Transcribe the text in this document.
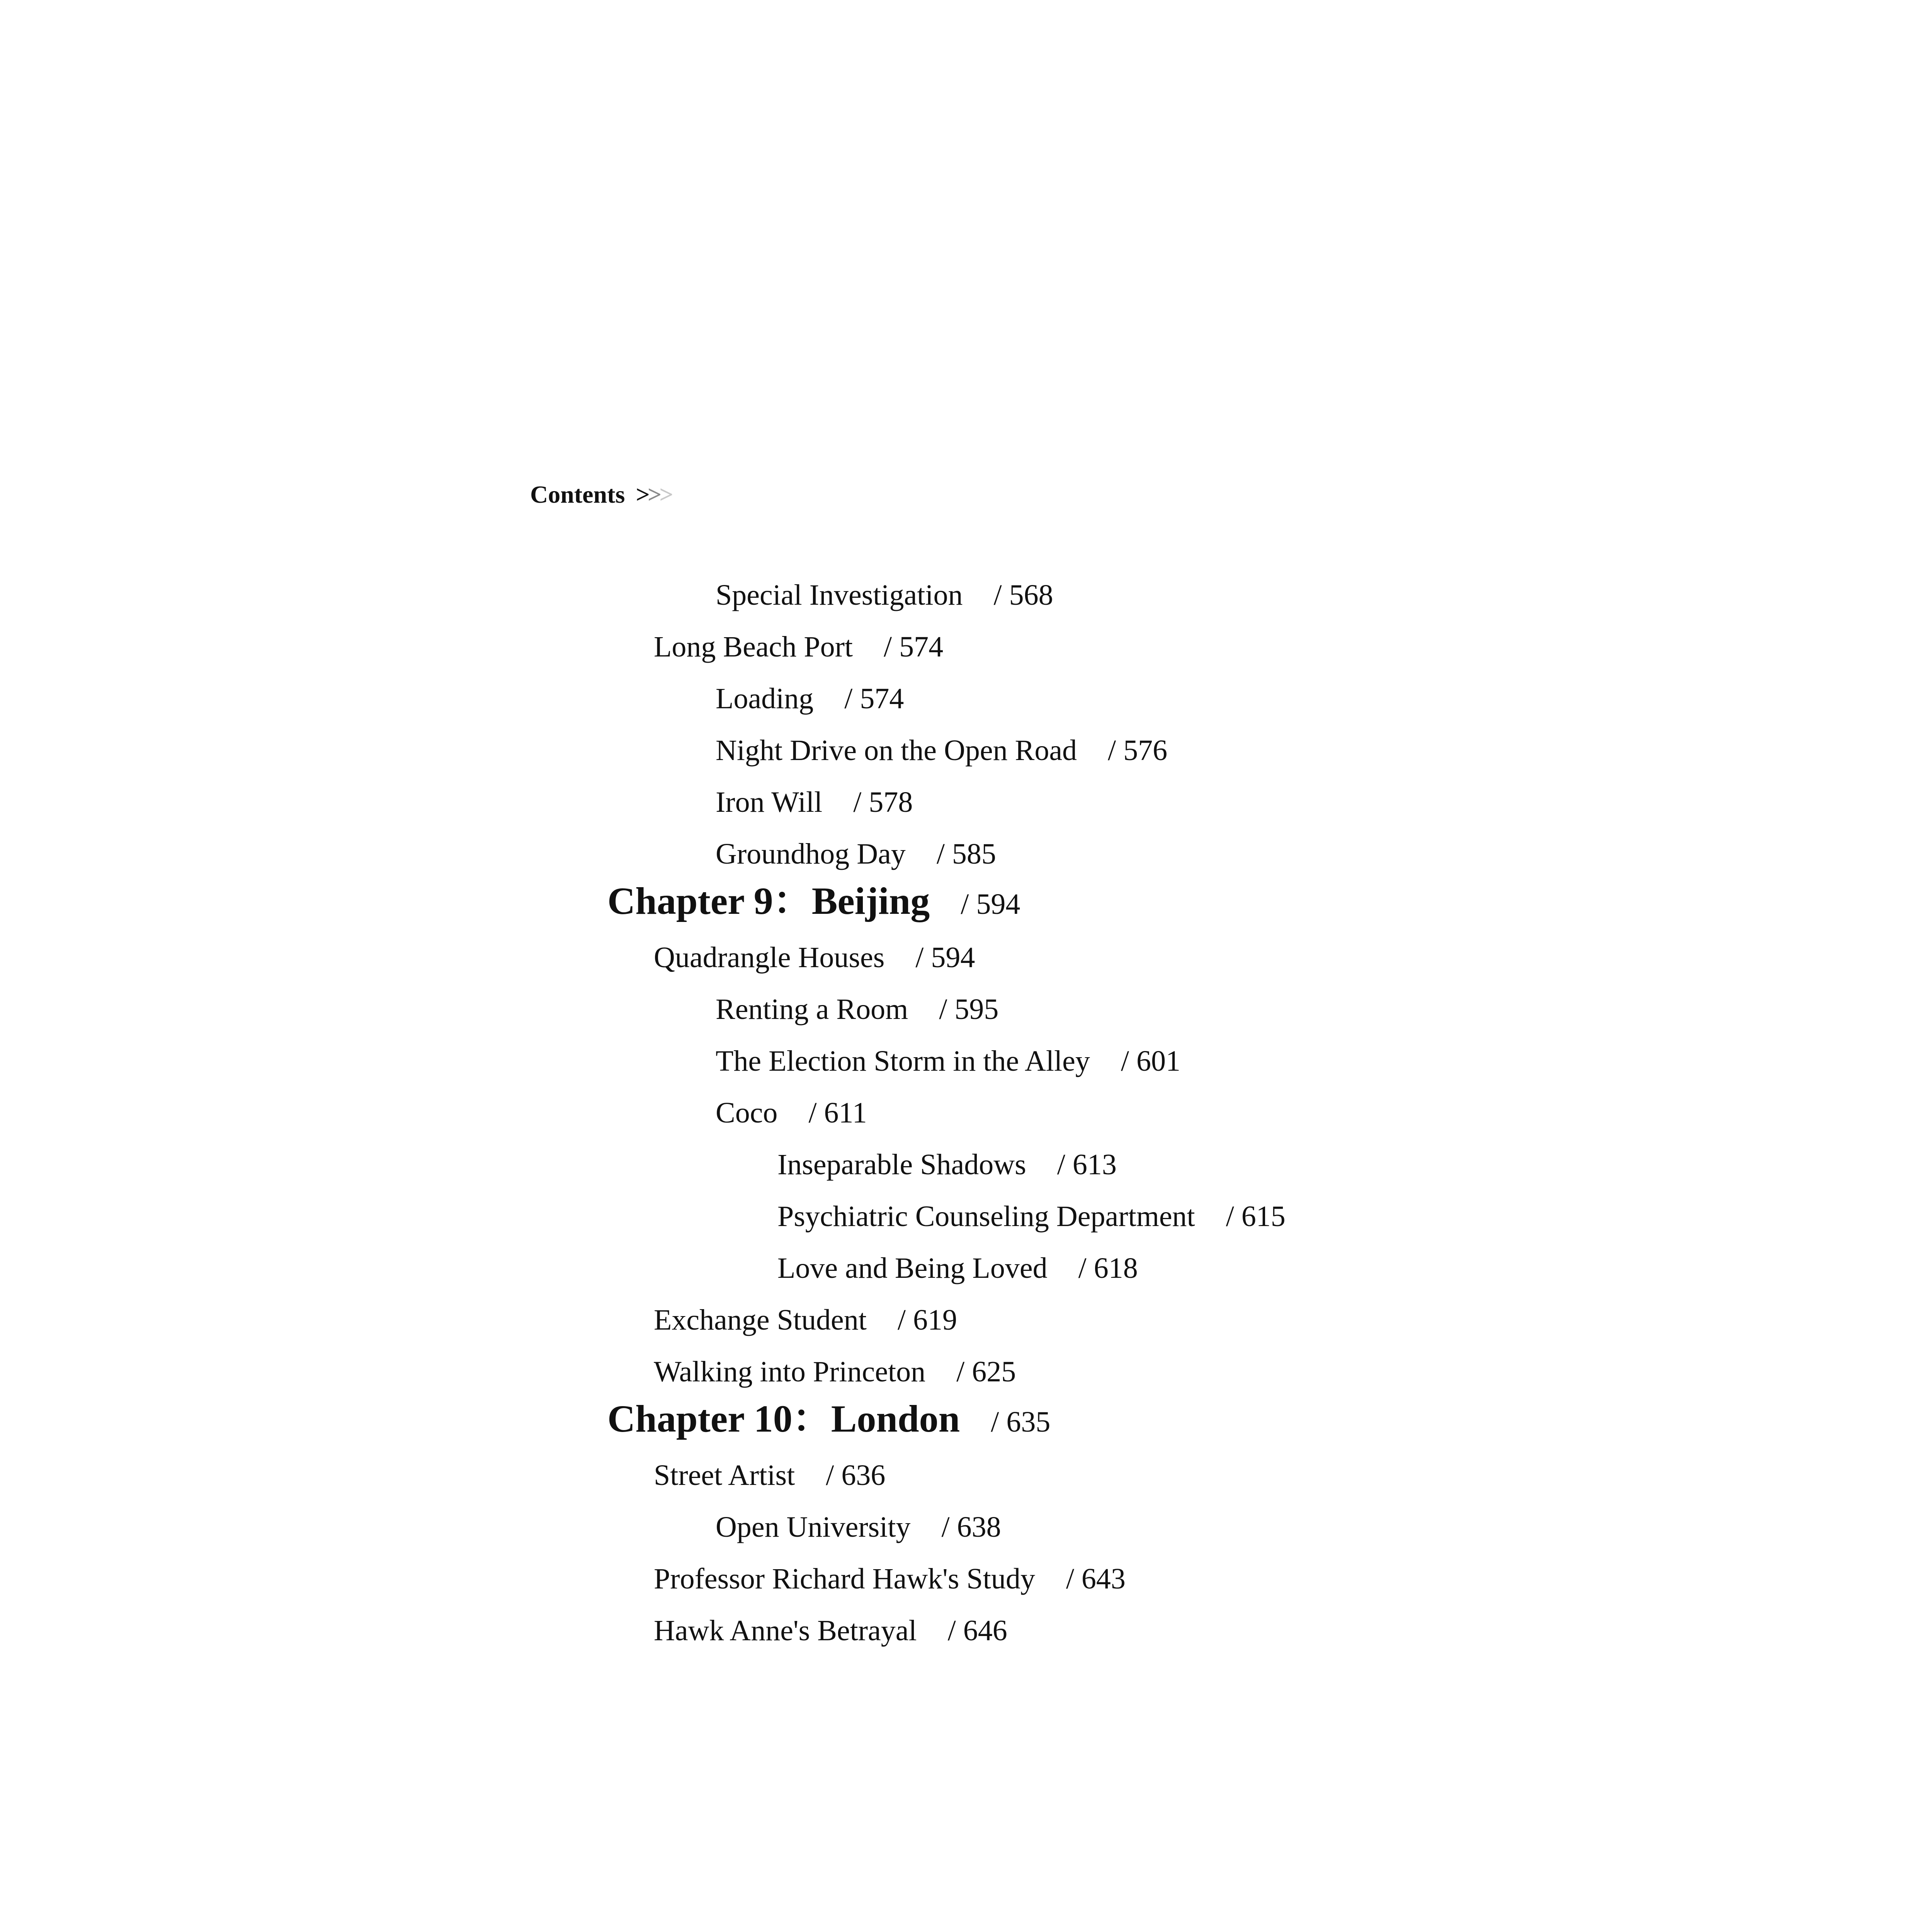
Contents >>>
Special Investigation / 568
Long Beach Port / 574
Loading / 574
Night Drive on the Open Road / 576
Iron Will / 578
Groundhog Day / 585
Chapter 9：Beijing / 594
Quadrangle Houses / 594
Renting a Room / 595
The Election Storm in the Alley / 601
Coco / 611
Inseparable Shadows / 613
Psychiatric Counseling Department / 615
Love and Being Loved / 618
Exchange Student / 619
Walking into Princeton / 625
Chapter 10：London / 635
Street Artist / 636
Open University / 638
Professor Richard Hawk's Study / 643
Hawk Anne's Betrayal / 646
